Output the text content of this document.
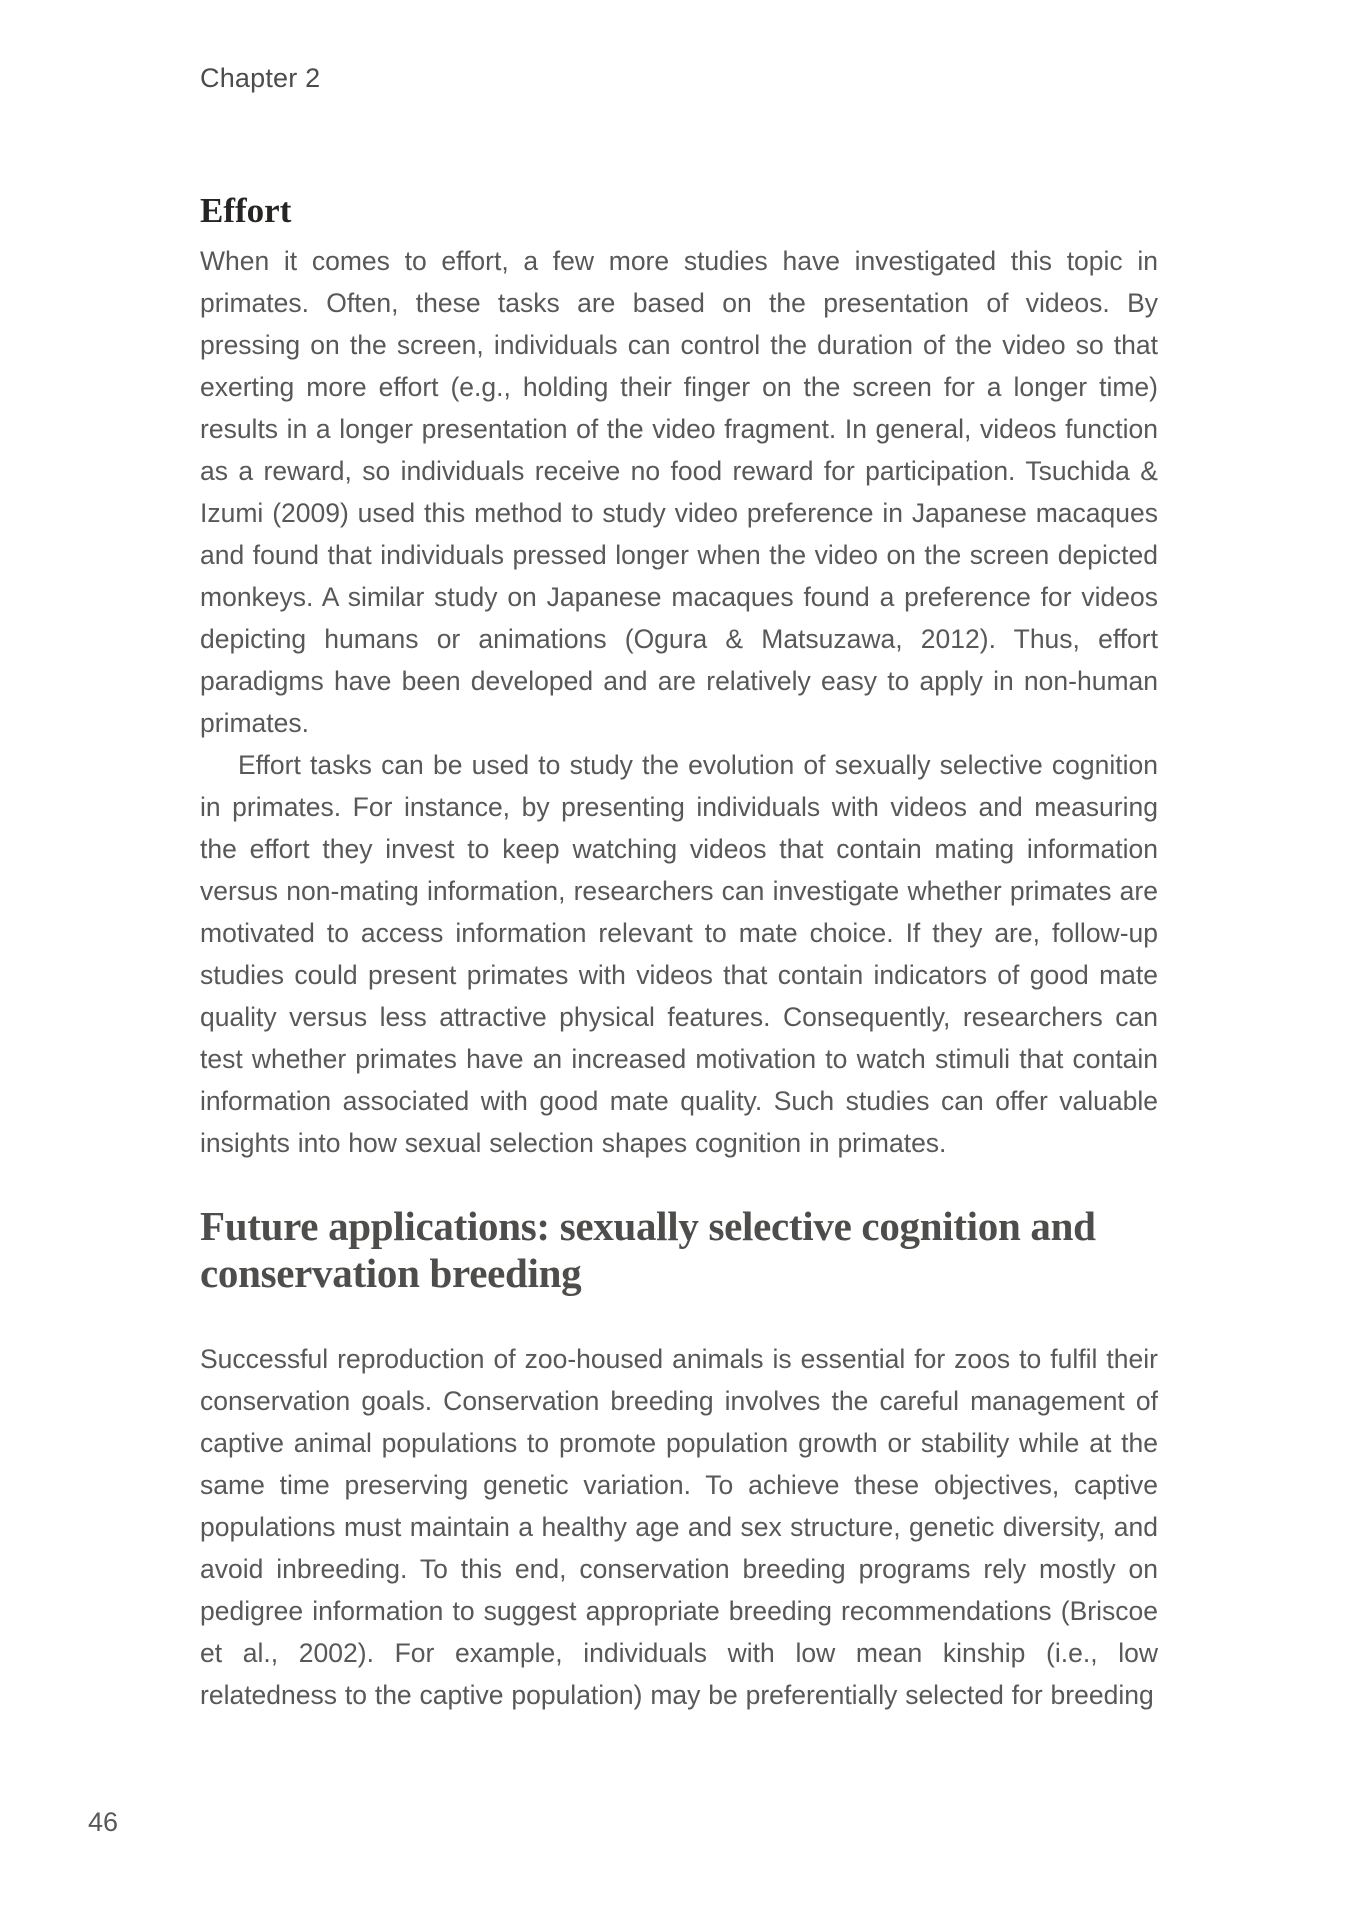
Chapter 2
Effort

When it comes to effort, a few more studies have investigated this topic in primates. Often, these tasks are based on the presentation of videos. By pressing on the screen, individuals can control the duration of the video so that exerting more effort (e.g., holding their finger on the screen for a longer time) results in a longer presentation of the video fragment. In general, videos function as a reward, so individuals receive no food reward for participation. Tsuchida & Izumi (2009) used this method to study video preference in Japanese macaques and found that individuals pressed longer when the video on the screen depicted monkeys. A similar study on Japanese macaques found a preference for videos depicting humans or animations (Ogura & Matsuzawa, 2012). Thus, effort paradigms have been developed and are relatively easy to apply in non-human primates.

Effort tasks can be used to study the evolution of sexually selective cognition in primates. For instance, by presenting individuals with videos and measuring the effort they invest to keep watching videos that contain mating information versus non-mating information, researchers can investigate whether primates are motivated to access information relevant to mate choice. If they are, follow-up studies could present primates with videos that contain indicators of good mate quality versus less attractive physical features. Consequently, researchers can test whether primates have an increased motivation to watch stimuli that contain information associated with good mate quality. Such studies can offer valuable insights into how sexual selection shapes cognition in primates.

Future applications: sexually selective cognition and conservation breeding

Successful reproduction of zoo-housed animals is essential for zoos to fulfil their conservation goals. Conservation breeding involves the careful management of captive animal populations to promote population growth or stability while at the same time preserving genetic variation. To achieve these objectives, captive populations must maintain a healthy age and sex structure, genetic diversity, and avoid inbreeding. To this end, conservation breeding programs rely mostly on pedigree information to suggest appropriate breeding recommendations (Briscoe et al., 2002). For example, individuals with low mean kinship (i.e., low relatedness to the captive population) may be preferentially selected for breeding

46
